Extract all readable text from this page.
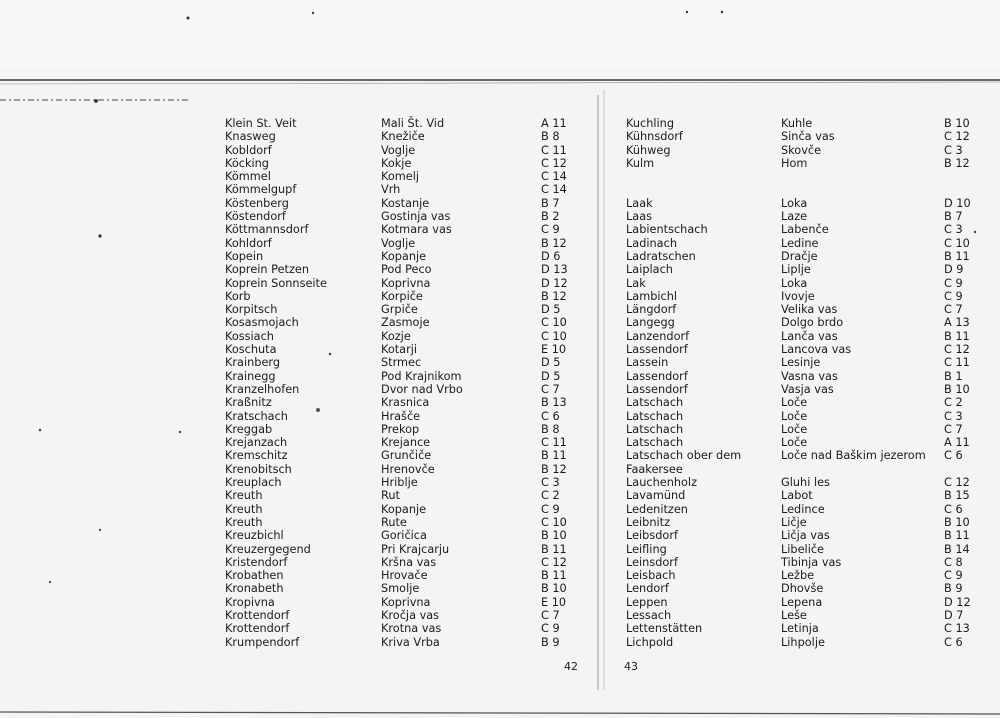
Klein St. Veit	Mali Št. Vid	A 11
Knasweg	Knežiče	B 8
Kobldorf	Voglje	C 11
Köcking	Kokje	C 12
Kömmel	Komelj	C 14
Kömmelgupf	Vrh	C 14
Köstenberg	Kostanje	B 7
Köstendorf	Gostinja vas	B 2
Köttmannsdorf	Kotmara vas	C 9
Kohldorf	Voglje	B 12
Kopein	Kopanje	D 6
Koprein Petzen	Pod Peco	D 13
Koprein Sonnseite	Koprivna	D 12
Korb	Korpiče	B 12
Korpitsch	Grpiče	D 5
Kosasmojach	Zasmoje	C 10
Kossiach	Kozje	C 10
Koschuta	Kotarji	E 10
Krainberg	Strmec	D 5
Krainegg	Pod Krajnikom	D 5
Kranzelhofen	Dvor nad Vrbo	C 7
Kraßnitz	Krasnica	B 13
Kratschach	Hrašče	C 6
Kreggab	Prekop	B 8
Krejanzach	Krejance	C 11
Kremschitz	Grunčiče	B 11
Krenobitsch	Hrenovče	B 12
Kreuplach	Hriblje	C 3
Kreuth	Rut	C 2
Kreuth	Kopanje	C 9
Kreuth	Rute	C 10
Kreuzbichl	Goričica	B 10
Kreuzergegend	Pri Krajcarju	B 11
Kristendorf	Kršna vas	C 12
Krobathen	Hrovače	B 11
Kronabeth	Smolje	B 10
Kropivna	Koprivna	E 10
Krottendorf	Kročja vas	C 7
Krottendorf	Krotna vas	C 9
Krumpendorf	Kriva Vrba	B 9
Kuchling	Kuhle	B 10
Kühnsdorf	Sinča vas	C 12
Kühweg	Skovče	C 3
Kulm	Hom	B 12
Laak	Loka	D 10
Laas	Laze	B 7
Labientschach	Labenče	C 3
Ladinach	Ledine	C 10
Ladratschen	Dračje	B 11
Laiplach	Liplje	D 9
Lak	Loka	C 9
Lambichl	Ivovje	C 9
Längdorf	Velika vas	C 7
Langegg	Dolgo brdo	A 13
Lanzendorf	Lanča vas	B 11
Lassendorf	Lancova vas	C 12
Lassein	Lesinje	C 11
Lassendorf	Vasna vas	B 1
Lassendorf	Vasja vas	B 10
Latschach	Loče	C 2
Latschach	Loče	C 3
Latschach	Loče	C 7
Latschach	Loče	A 11
Latschach ober dem	Loče nad Baškim jezerom C 6
Faakersee
Lauchenholz	Gluhi les	C 12
Lavamünd	Labot	B 15
Ledenitzen	Ledince	C 6
Leibnitz	Ličje	B 10
Leibsdorf	Ličja vas	B 11
Leifling	Libeliče	B 14
Leinsdorf	Tibinja vas	C 8
Leisbach	Ležbe	C 9
Lendorf	Dhovše	B 9
Leppen	Lepena	D 12
Lessach	Leše	D 7
Lettenstätten	Letinja	C 13
Lichpold	Lihpolje	C 6
42	43
